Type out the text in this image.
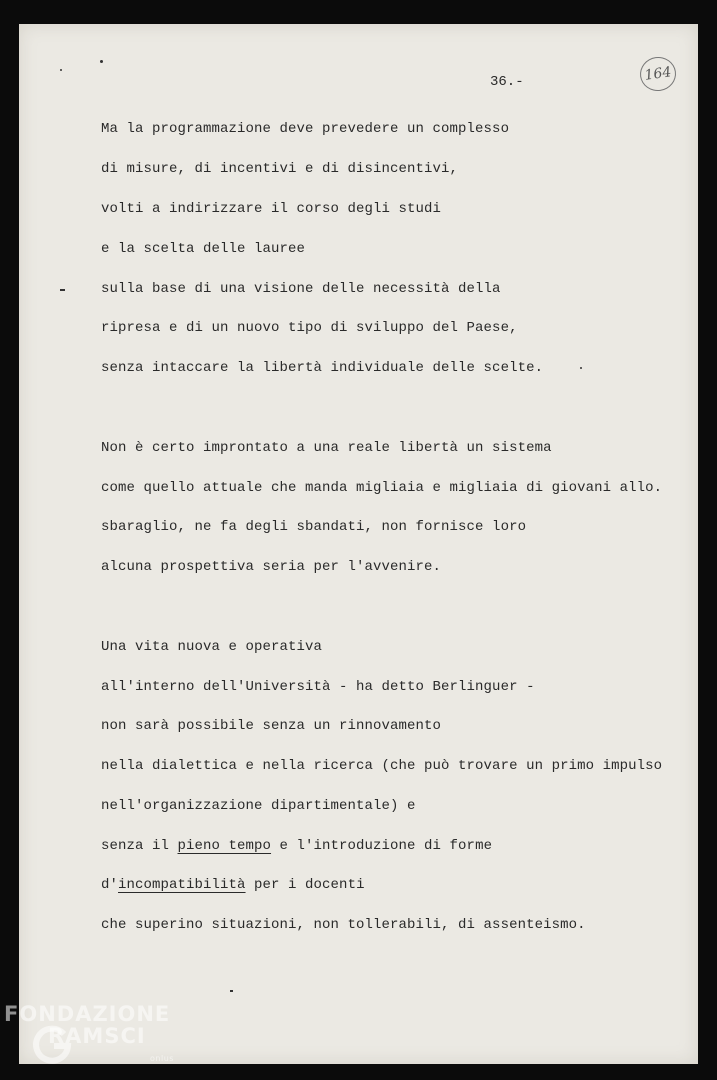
36.-	164
Ma la programmazione deve prevedere un complesso
di misure, di incentivi e di disincentivi,
volti a indirizzare il corso degli studi
e la scelta delle lauree
sulla base di una visione delle necessità della
ripresa e di un nuovo tipo di sviluppo del Paese,
senza intaccare la libertà individuale delle scelte.
Non è certo improntato a una reale libertà un sistema
come quello attuale che manda migliaia e migliaia di giovani allo.
sbaraglio, ne fa degli sbandati, non fornisce loro
alcuna prospettiva seria per l'avvenire.
Una vita nuova e operativa
all'interno dell'Università - ha detto Berlinguer -
non sarà possibile senza un rinnovamento
nella dialettica e nella ricerca (che può trovare un primo impulso
nell'organizzazione dipartimentale) e
senza il pieno tempo e l'introduzione di forme
d'incompatibilità per i docenti
che superino situazioni, non tollerabili, di assenteismo.
FONDAZIONE
RAMSCI
onlus
